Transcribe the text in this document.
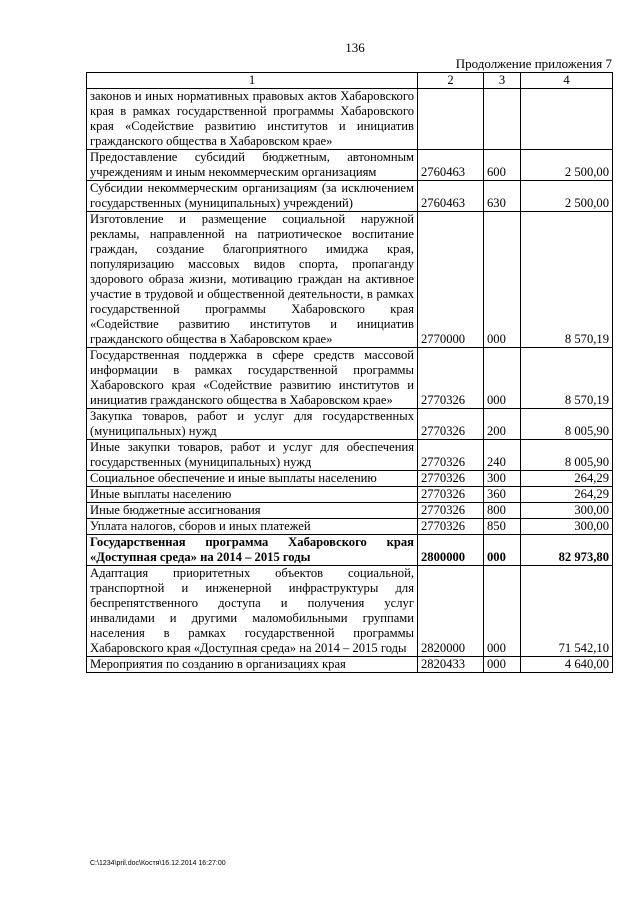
136
Продолжение приложения 7
1	2	3	4
законов и иных нормативных правовых актов Хабаровского края в рамках государственной программы Хабаровского края «Содействие развитию институтов и инициатив гражданского общества в Хабаровском крае»			
Предоставление субсидий бюджетным, автономным учреждениям и иным некоммерческим организациям	2760463	600	2 500,00
Субсидии некоммерческим организациям (за исключением государственных (муниципальных) учреждений)	2760463	630	2 500,00
Изготовление и размещение социальной наружной рекламы, направленной на патриотическое воспитание граждан, создание благоприятного имиджа края, популяризацию массовых видов спорта, пропаганду здорового образа жизни, мотивацию граждан на активное участие в трудовой и общественной деятельности, в рамках государственной программы Хабаровского края «Содействие развитию институтов и инициатив гражданского общества в Хабаровском крае»	2770000	000	8 570,19
Государственная поддержка в сфере средств массовой информации в рамках государственной программы Хабаровского края «Содействие развитию институтов и инициатив гражданского общества в Хабаровском крае»	2770326	000	8 570,19
Закупка товаров, работ и услуг для государственных (муниципальных) нужд	2770326	200	8 005,90
Иные закупки товаров, работ и услуг для обеспечения государственных (муниципальных) нужд	2770326	240	8 005,90
Социальное обеспечение и иные выплаты населению	2770326	300	264,29
Иные выплаты населению	2770326	360	264,29
Иные бюджетные ассигнования	2770326	800	300,00
Уплата налогов, сборов и иных платежей	2770326	850	300,00
Государственная программа Хабаровского края «Доступная среда» на 2014 – 2015 годы	2800000	000	82 973,80
Адаптация приоритетных объектов социальной, транспортной и инженерной инфраструктуры для беспрепятственного доступа и получения услуг инвалидами и другими маломобильными группами населения в рамках государственной программы Хабаровского края «Доступная среда» на 2014 – 2015 годы	2820000	000	71 542,10
Мероприятия по созданию в организациях края	2820433	000	4 640,00
C:\1234\pril.doc\Костя\16.12.2014 16:27:00
